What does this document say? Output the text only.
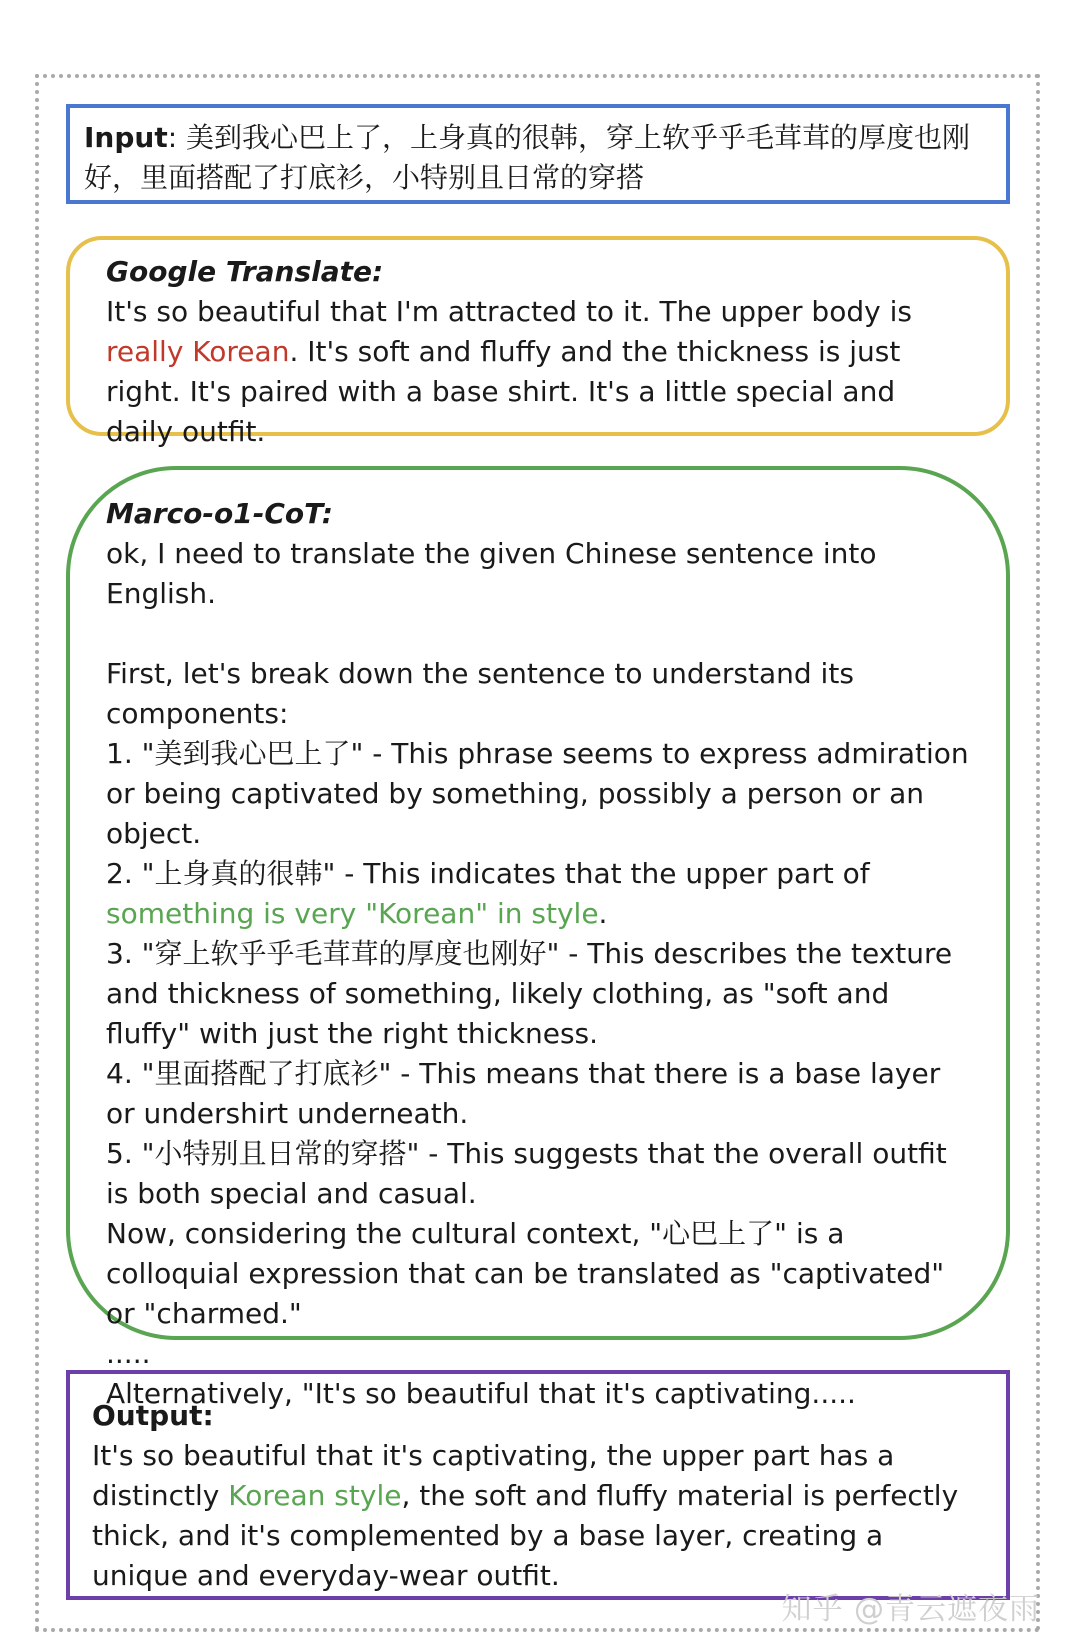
Input: 美到我心巴上了，上身真的很韩，穿上软乎乎毛茸茸的厚度也刚好，里面搭配了打底衫，小特别且日常的穿搭

Google Translate:

It's so beautiful that I'm attracted to it. The upper body is really Korean. It's soft and fluffy and the thickness is just right. It's paired with a base shirt. It's a little special and daily outfit.

Marco-o1-CoT:

ok, I need to translate the given Chinese sentence into English.

First, let's break down the sentence to understand its components:

1. "美到我心巴上了" - This phrase seems to express admiration or being captivated by something, possibly a person or an object.

2. "上身真的很韩" - This indicates that the upper part of something is very "Korean" in style.

3. "穿上软乎乎毛茸茸的厚度也刚好" - This describes the texture and thickness of something, likely clothing, as "soft and fluffy" with just the right thickness.

4. "里面搭配了打底衫" - This means that there is a base layer or undershirt underneath.

5. "小特别且日常的穿搭" - This suggests that the overall outfit is both special and casual.

Now, considering the cultural context, "心巴上了" is a colloquial expression that can be translated as "captivated" or "charmed."

.....

Alternatively, "It's so beautiful that it's captivating.....

Output:

It's so beautiful that it's captivating, the upper part has a distinctly Korean style, the soft and fluffy material is perfectly thick, and it's complemented by a base layer, creating a unique and everyday-wear outfit.

知乎 @青云遮夜雨
